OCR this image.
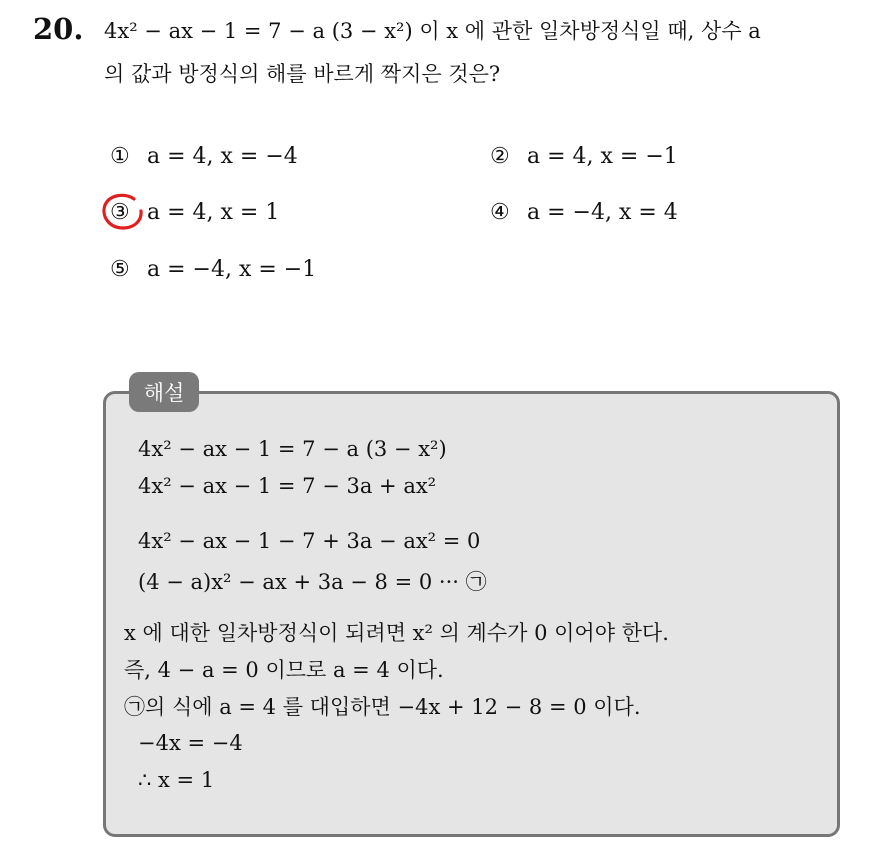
20. 4x² − ax − 1 = 7 − a (3 − x²) 이 x 에 관한 일차방정식일 때, 상수 a
의 값과 방정식의 해를 바르게 짝지은 것은?
① a = 4, x = −4	② a = 4, x = −1
③ a = 4, x = 1	④ a = −4, x = 4
⑤ a = −4, x = −1
해설
4x² − ax − 1 = 7 − a (3 − x²)
4x² − ax − 1 = 7 − 3a + ax²
4x² − ax − 1 − 7 + 3a − ax² = 0
(4 − a)x² − ax + 3a − 8 = 0 ··· ㉠
x 에 대한 일차방정식이 되려면 x² 의 계수가 0 이어야 한다.
즉, 4 − a = 0 이므로 a = 4 이다.
㉠의 식에 a = 4 를 대입하면 −4x + 12 − 8 = 0 이다.
−4x = −4
∴ x = 1
